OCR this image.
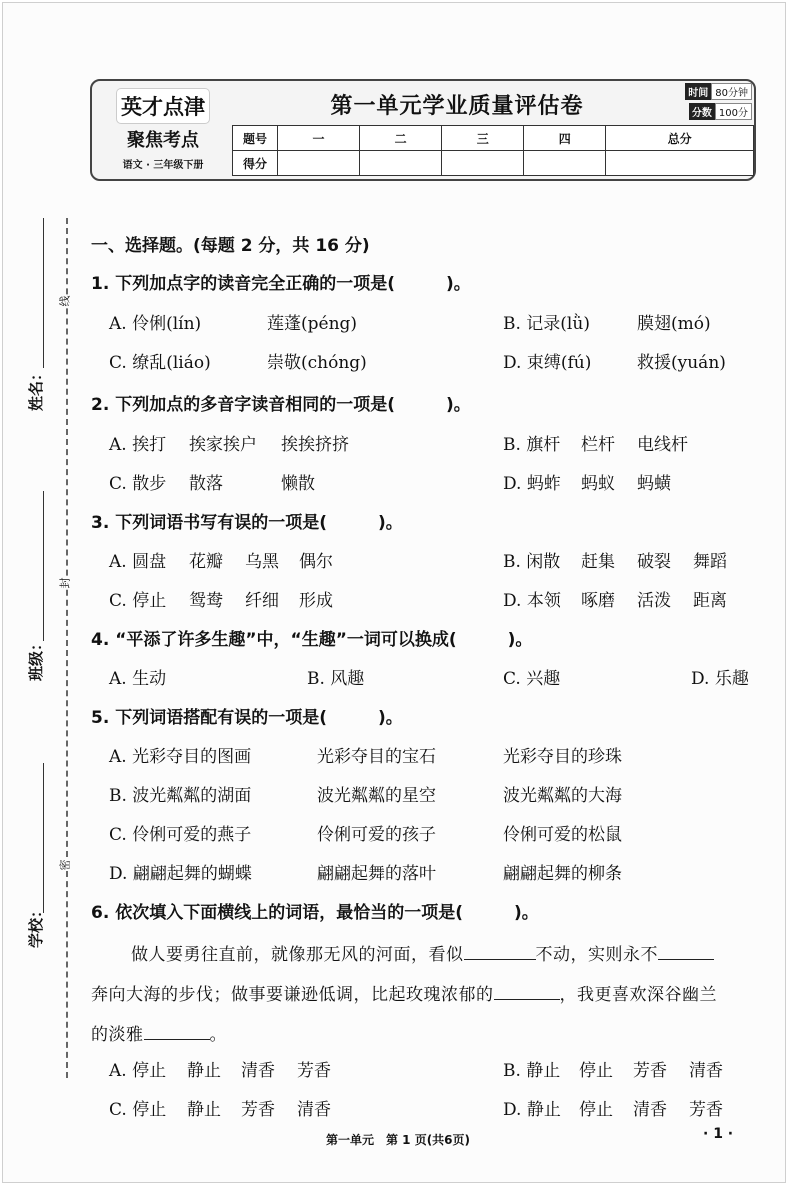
姓名：
班级：
学校：
线
封
密
英才点津
聚焦考点
语文 · 三年级下册
第一单元学业质量评估卷
时间 80分钟
分数 100分
题号	一	二	三	四	总分
得分					
一、选择题。(每题 2 分，共 16 分)
1. 下列加点字的读音完全正确的一项是(　　　)。
A. 伶俐(lín)	莲蓬(péng)	B. 记录(lǜ)	膜翅(mó)
C. 缭乱(liáo)	崇敬(chóng)	D. 束缚(fú)	救援(yuán)
2. 下列加点的多音字读音相同的一项是(　　　)。
A. 挨打 挨家挨户 挨挨挤挤	B. 旗杆 栏杆 电线杆
C. 散步 散落	懒散	D. 蚂蚱 蚂蚁 蚂蟥
3. 下列词语书写有误的一项是(　　　)。
A. 圆盘 花瓣 乌黑 偶尔	B. 闲散 赶集 破裂 舞蹈
C. 停止 鸳鸯 纤细 形成	D. 本领 啄磨 活泼 距离
4. “平添了许多生趣”中，“生趣”一词可以换成(　　　)。
A. 生动	B. 风趣	C. 兴趣	D. 乐趣
5. 下列词语搭配有误的一项是(　　　)。
A. 光彩夺目的图画	光彩夺目的宝石	光彩夺目的珍珠
B. 波光粼粼的湖面	波光粼粼的星空	波光粼粼的大海
C. 伶俐可爱的燕子	伶俐可爱的孩子	伶俐可爱的松鼠
D. 翩翩起舞的蝴蝶	翩翩起舞的落叶	翩翩起舞的柳条
6. 依次填入下面横线上的词语，最恰当的一项是(　　　)。
做人要勇往直前，就像那无风的河面，看似	不动，实则永不
奔向大海的步伐；做事要谦逊低调，比起玫瑰浓郁的	，我更喜欢深谷幽兰
的淡雅	。
A. 停止 静止 清香 芳香	B. 静止 停止 芳香 清香
C. 停止 静止 芳香 清香	D. 静止 停止 清香 芳香
第一单元　第 1 页(共6页)	· 1 ·
